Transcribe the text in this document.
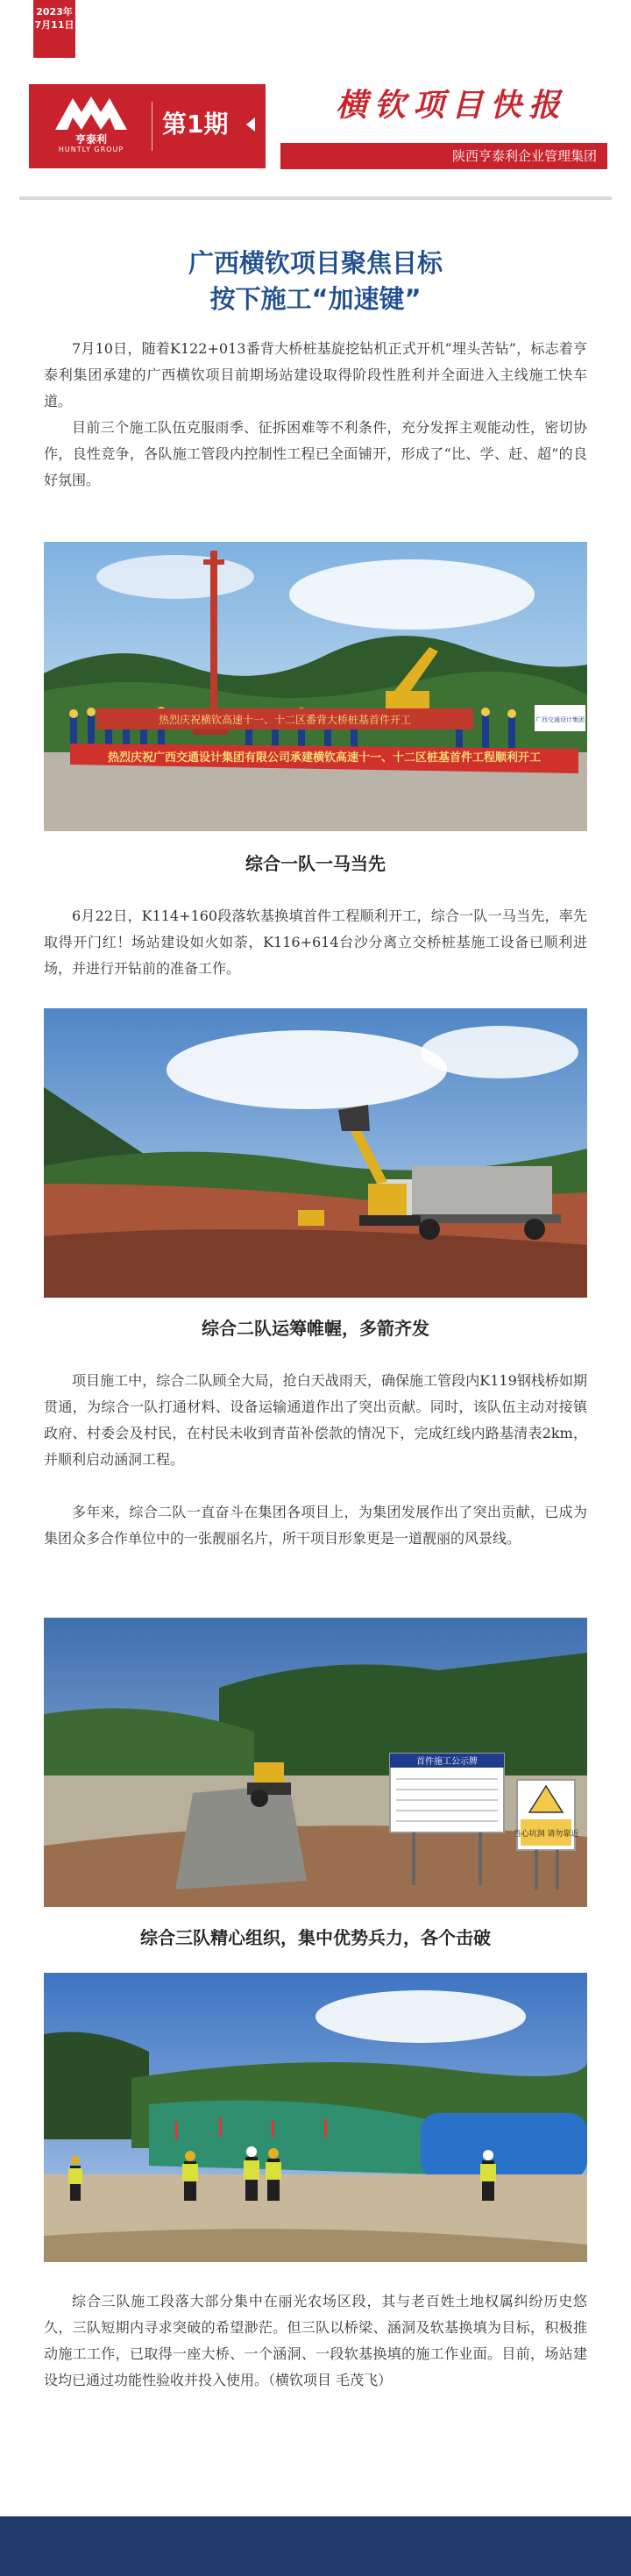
2023年
7月11日
亨泰利
HUNTLY GROUP
第1期
横钦项目快报
陕西亨泰利企业管理集团
广西横钦项目聚焦目标
按下施工“加速键”

7月10日，随着K122+013番背大桥桩基旋挖钻机正式开机“埋头苦钻”，标志着亨泰利集团承建的广西横钦项目前期场站建设取得阶段性胜利并全面进入主线施工快车道。

目前三个施工队伍克服雨季、征拆困难等不利条件，充分发挥主观能动性，密切协作，良性竞争，各队施工管段内控制性工程已全面铺开，形成了“比、学、赶、超”的良好氛围。

热烈庆祝横钦高速十一、十二区番背大桥桩基首件开工	广西交通设计集团
热烈庆祝广西交通设计集团有限公司承建横钦高速十一、十二区桩基首件工程顺利开工
综合一队一马当先

6月22日，K114+160段落软基换填首件工程顺利开工，综合一队一马当先，率先取得开门红！场站建设如火如荼，K116+614台沙分离立交桥桩基施工设备已顺利进场，并进行开钻前的准备工作。

综合二队运筹帷幄，多箭齐发

项目施工中，综合二队顾全大局，抢白天战雨天，确保施工管段内K119钢栈桥如期贯通，为综合一队打通材料、设备运输通道作出了突出贡献。同时，该队伍主动对接镇政府、村委会及村民，在村民未收到青苗补偿款的情况下，完成红线内路基清表2km，并顺利启动涵洞工程。

多年来，综合二队一直奋斗在集团各项目上，为集团发展作出了突出贡献，已成为集团众多合作单位中的一张靓丽名片，所干项目形象更是一道靓丽的风景线。

首件施工公示牌
当心坑洞 请勿靠近
综合三队精心组织，集中优势兵力，各个击破

综合三队施工段落大部分集中在丽光农场区段，其与老百姓土地权属纠纷历史悠久，三队短期内寻求突破的希望渺茫。但三队以桥梁、涵洞及软基换填为目标，积极推动施工工作，已取得一座大桥、一个涵洞、一段软基换填的施工作业面。目前，场站建设均已通过功能性验收并投入使用。（横钦项目 毛茂飞）
